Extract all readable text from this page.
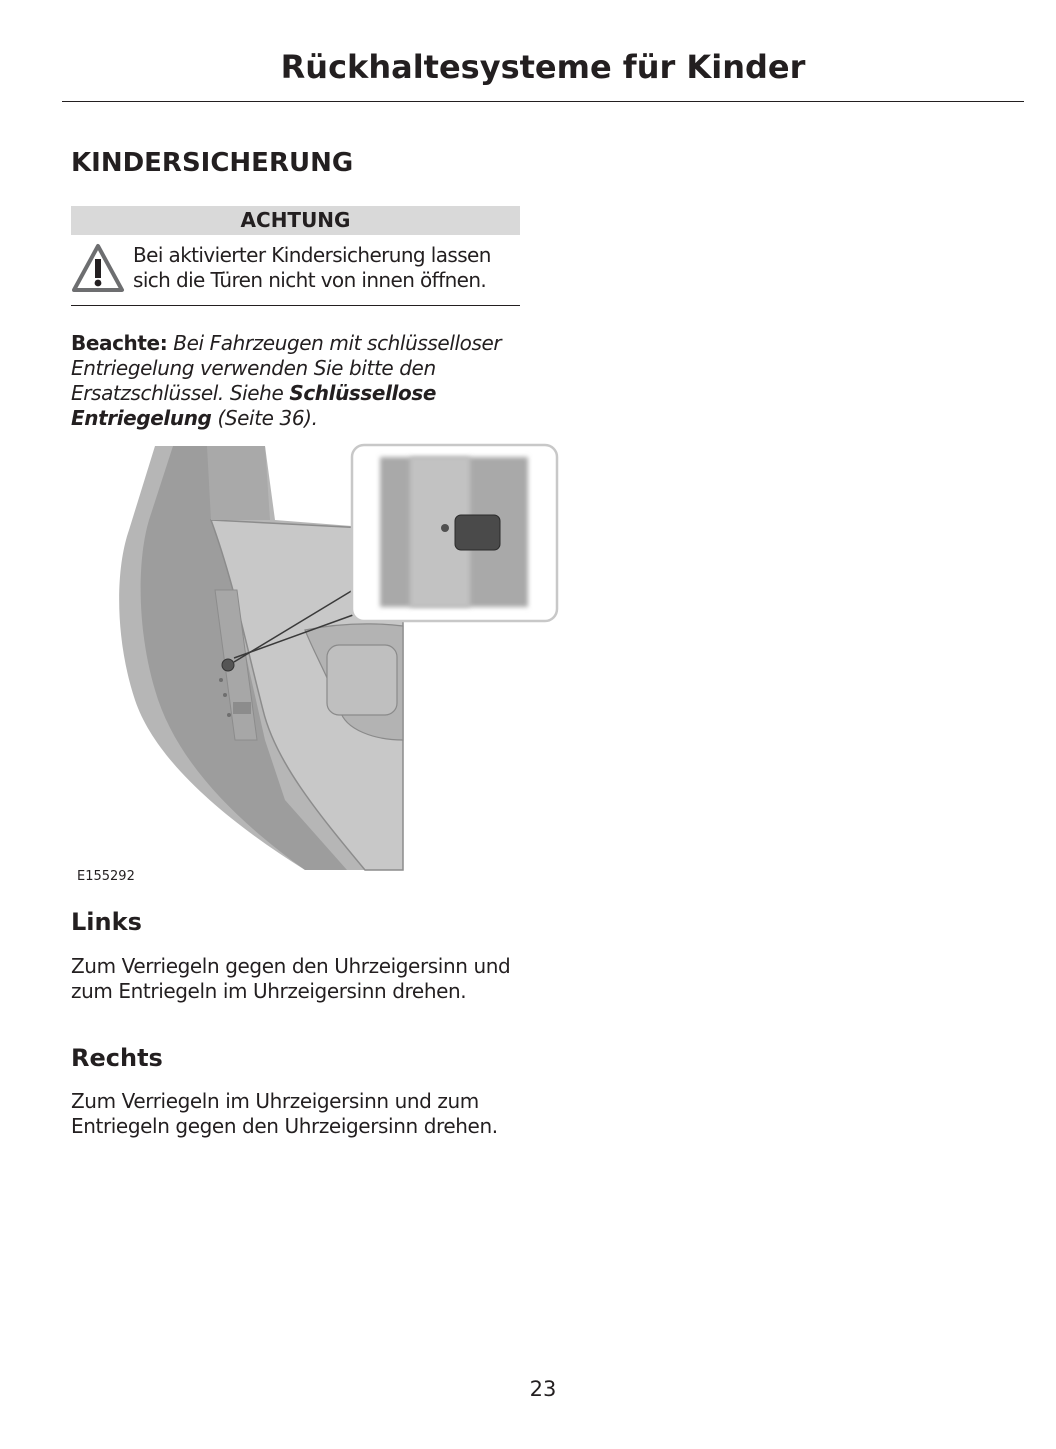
Rückhaltesysteme für Kinder
KINDERSICHERUNG
ACHTUNG

Bei aktivierter Kindersicherung lassen sich die Türen nicht von innen öffnen.

Beachte: Bei Fahrzeugen mit schlüsselloser Entriegelung verwenden Sie bitte den Ersatzschlüssel. Siehe Schlüssellose Entriegelung (Seite 36).

E155292

Links

Zum Verriegeln gegen den Uhrzeigersinn und zum Entriegeln im Uhrzeigersinn drehen.

Rechts

Zum Verriegeln im Uhrzeigersinn und zum Entriegeln gegen den Uhrzeigersinn drehen.

23
